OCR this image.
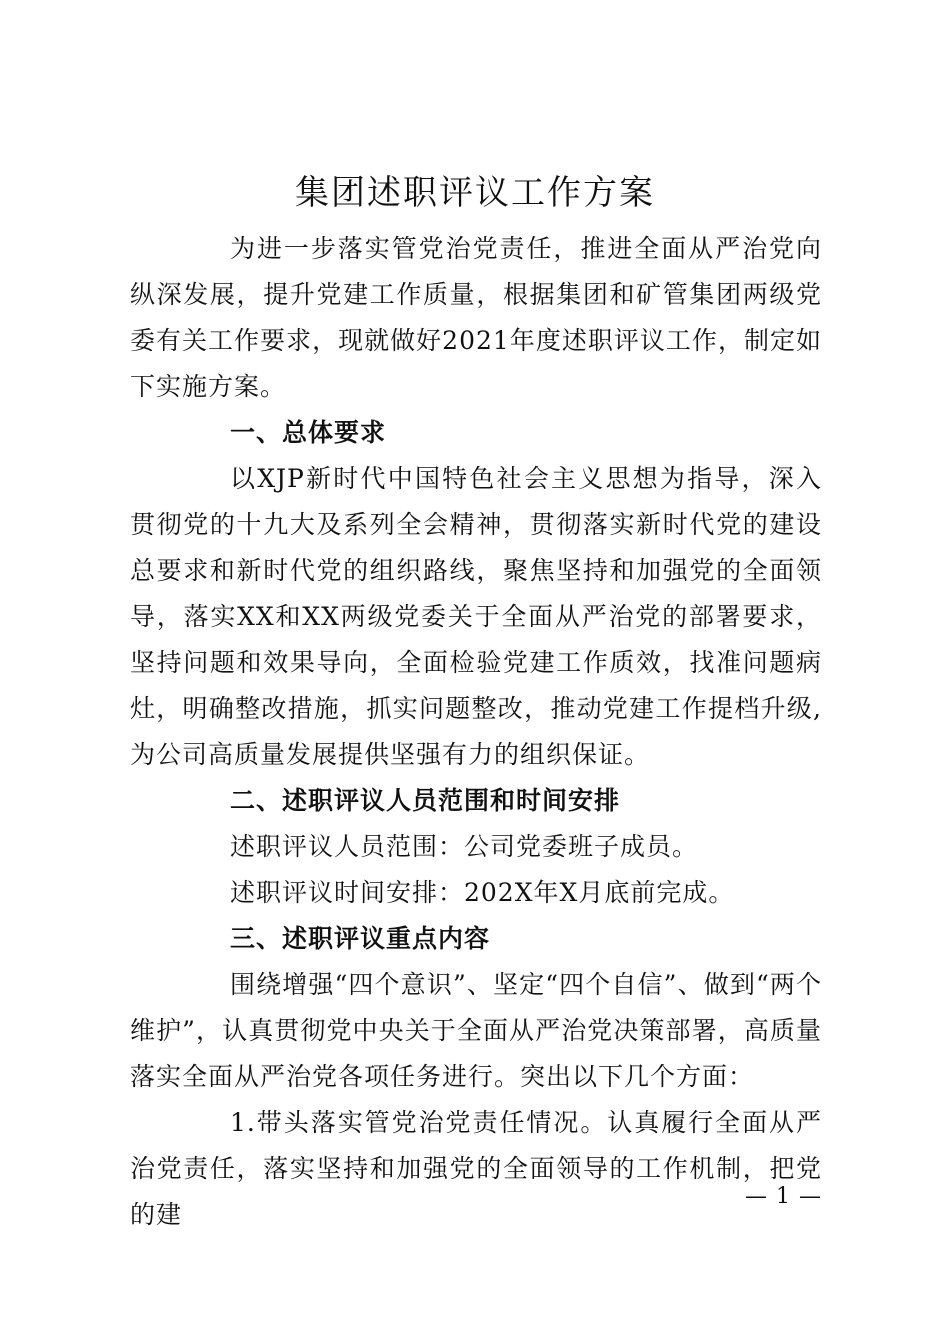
集团述职评议工作方案

为进一步落实管党治党责任，推进全面从严治党向纵深发展，提升党建工作质量，根据集团和矿管集团两级党委有关工作要求，现就做好2021年度述职评议工作，制定如下实施方案。

一、总体要求

以XJP新时代中国特色社会主义思想为指导，深入贯彻党的十九大及系列全会精神，贯彻落实新时代党的建设总要求和新时代党的组织路线，聚焦坚持和加强党的全面领导，落实XX和XX两级党委关于全面从严治党的部署要求，坚持问题和效果导向，全面检验党建工作质效，找准问题病灶，明确整改措施，抓实问题整改，推动党建工作提档升级,为公司高质量发展提供坚强有力的组织保证。

二、述职评议人员范围和时间安排

述职评议人员范围：公司党委班子成员。

述职评议时间安排：202X年X月底前完成。

三、述职评议重点内容

围绕增强“四个意识”、坚定“四个自信”、做到“两个维护”，认真贯彻党中央关于全面从严治党决策部署，高质量落实全面从严治党各项任务进行。突出以下几个方面：

1.带头落实管党治党责任情况。认真履行全面从严治党责任，落实坚持和加强党的全面领导的工作机制，把党的建

— 1 —
